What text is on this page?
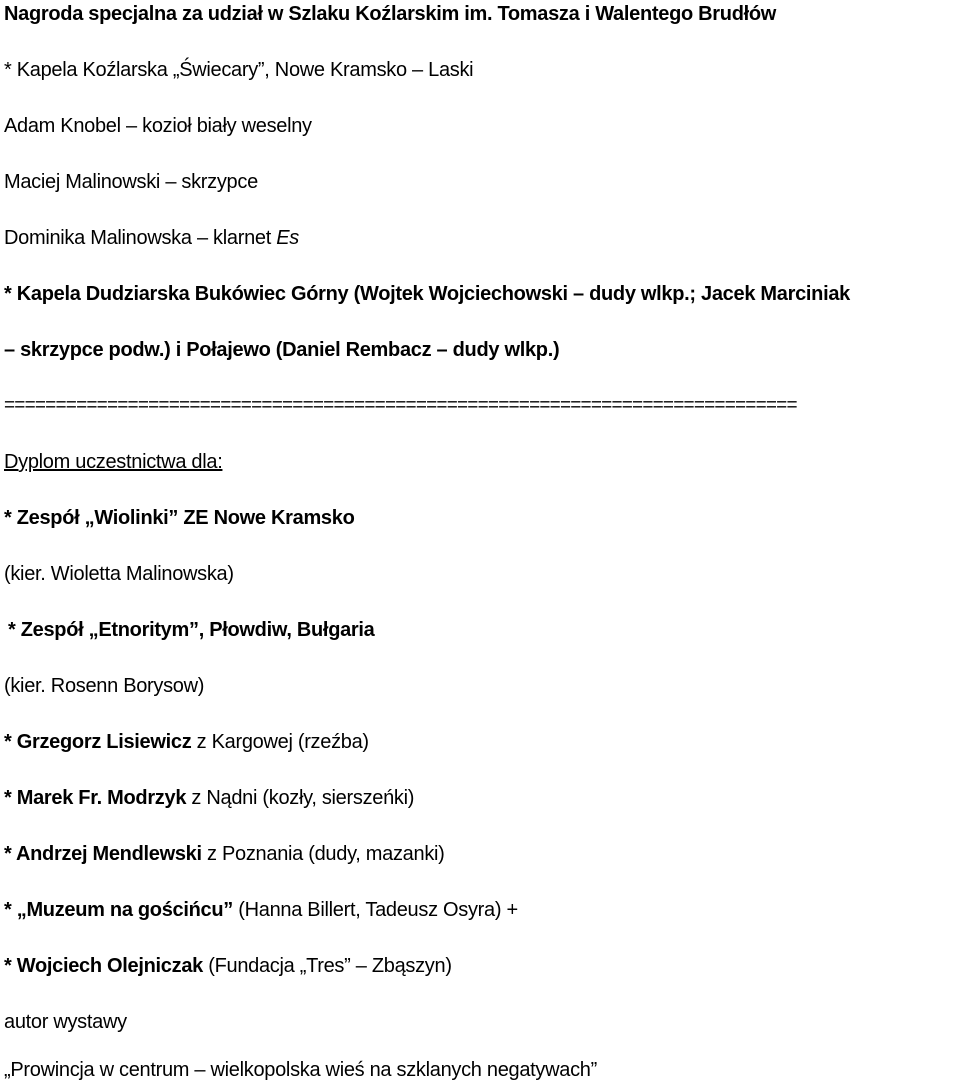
Nagroda specjalna za udział w Szlaku Koźlarskim im. Tomasza i Walentego Brudłów
* Kapela Koźlarska „Świecary”, Nowe Kramsko – Laski
Adam Knobel – kozioł biały weselny
Maciej Malinowski – skrzypce
Dominika Malinowska – klarnet Es
* Kapela Dudziarska Bukówiec Górny (Wojtek Wojciechowski – dudy wlkp.; Jacek Marciniak
– skrzypce podw.) i Połajewo (Daniel Rembacz – dudy wlkp.)
=============================================================================
Dyplom uczestnictwa dla:
* Zespół „Wiolinki” ZE Nowe Kramsko
(kier. Wioletta Malinowska)
* Zespół „Etnoritym”, Płowdiw, Bułgaria
(kier. Rosenn Borysow)
* Grzegorz Lisiewicz z Kargowej (rzeźba)
* Marek Fr. Modrzyk z Nądni (kozły, sierszeńki)
* Andrzej Mendlewski z Poznania (dudy, mazanki)
* „Muzeum na gościńcu” (Hanna Billert, Tadeusz Osyra) +
* Wojciech Olejniczak (Fundacja „Tres” – Zbąszyn)
autor wystawy
„Prowincja w centrum – wielkopolska wieś na szklanych negatywach”
